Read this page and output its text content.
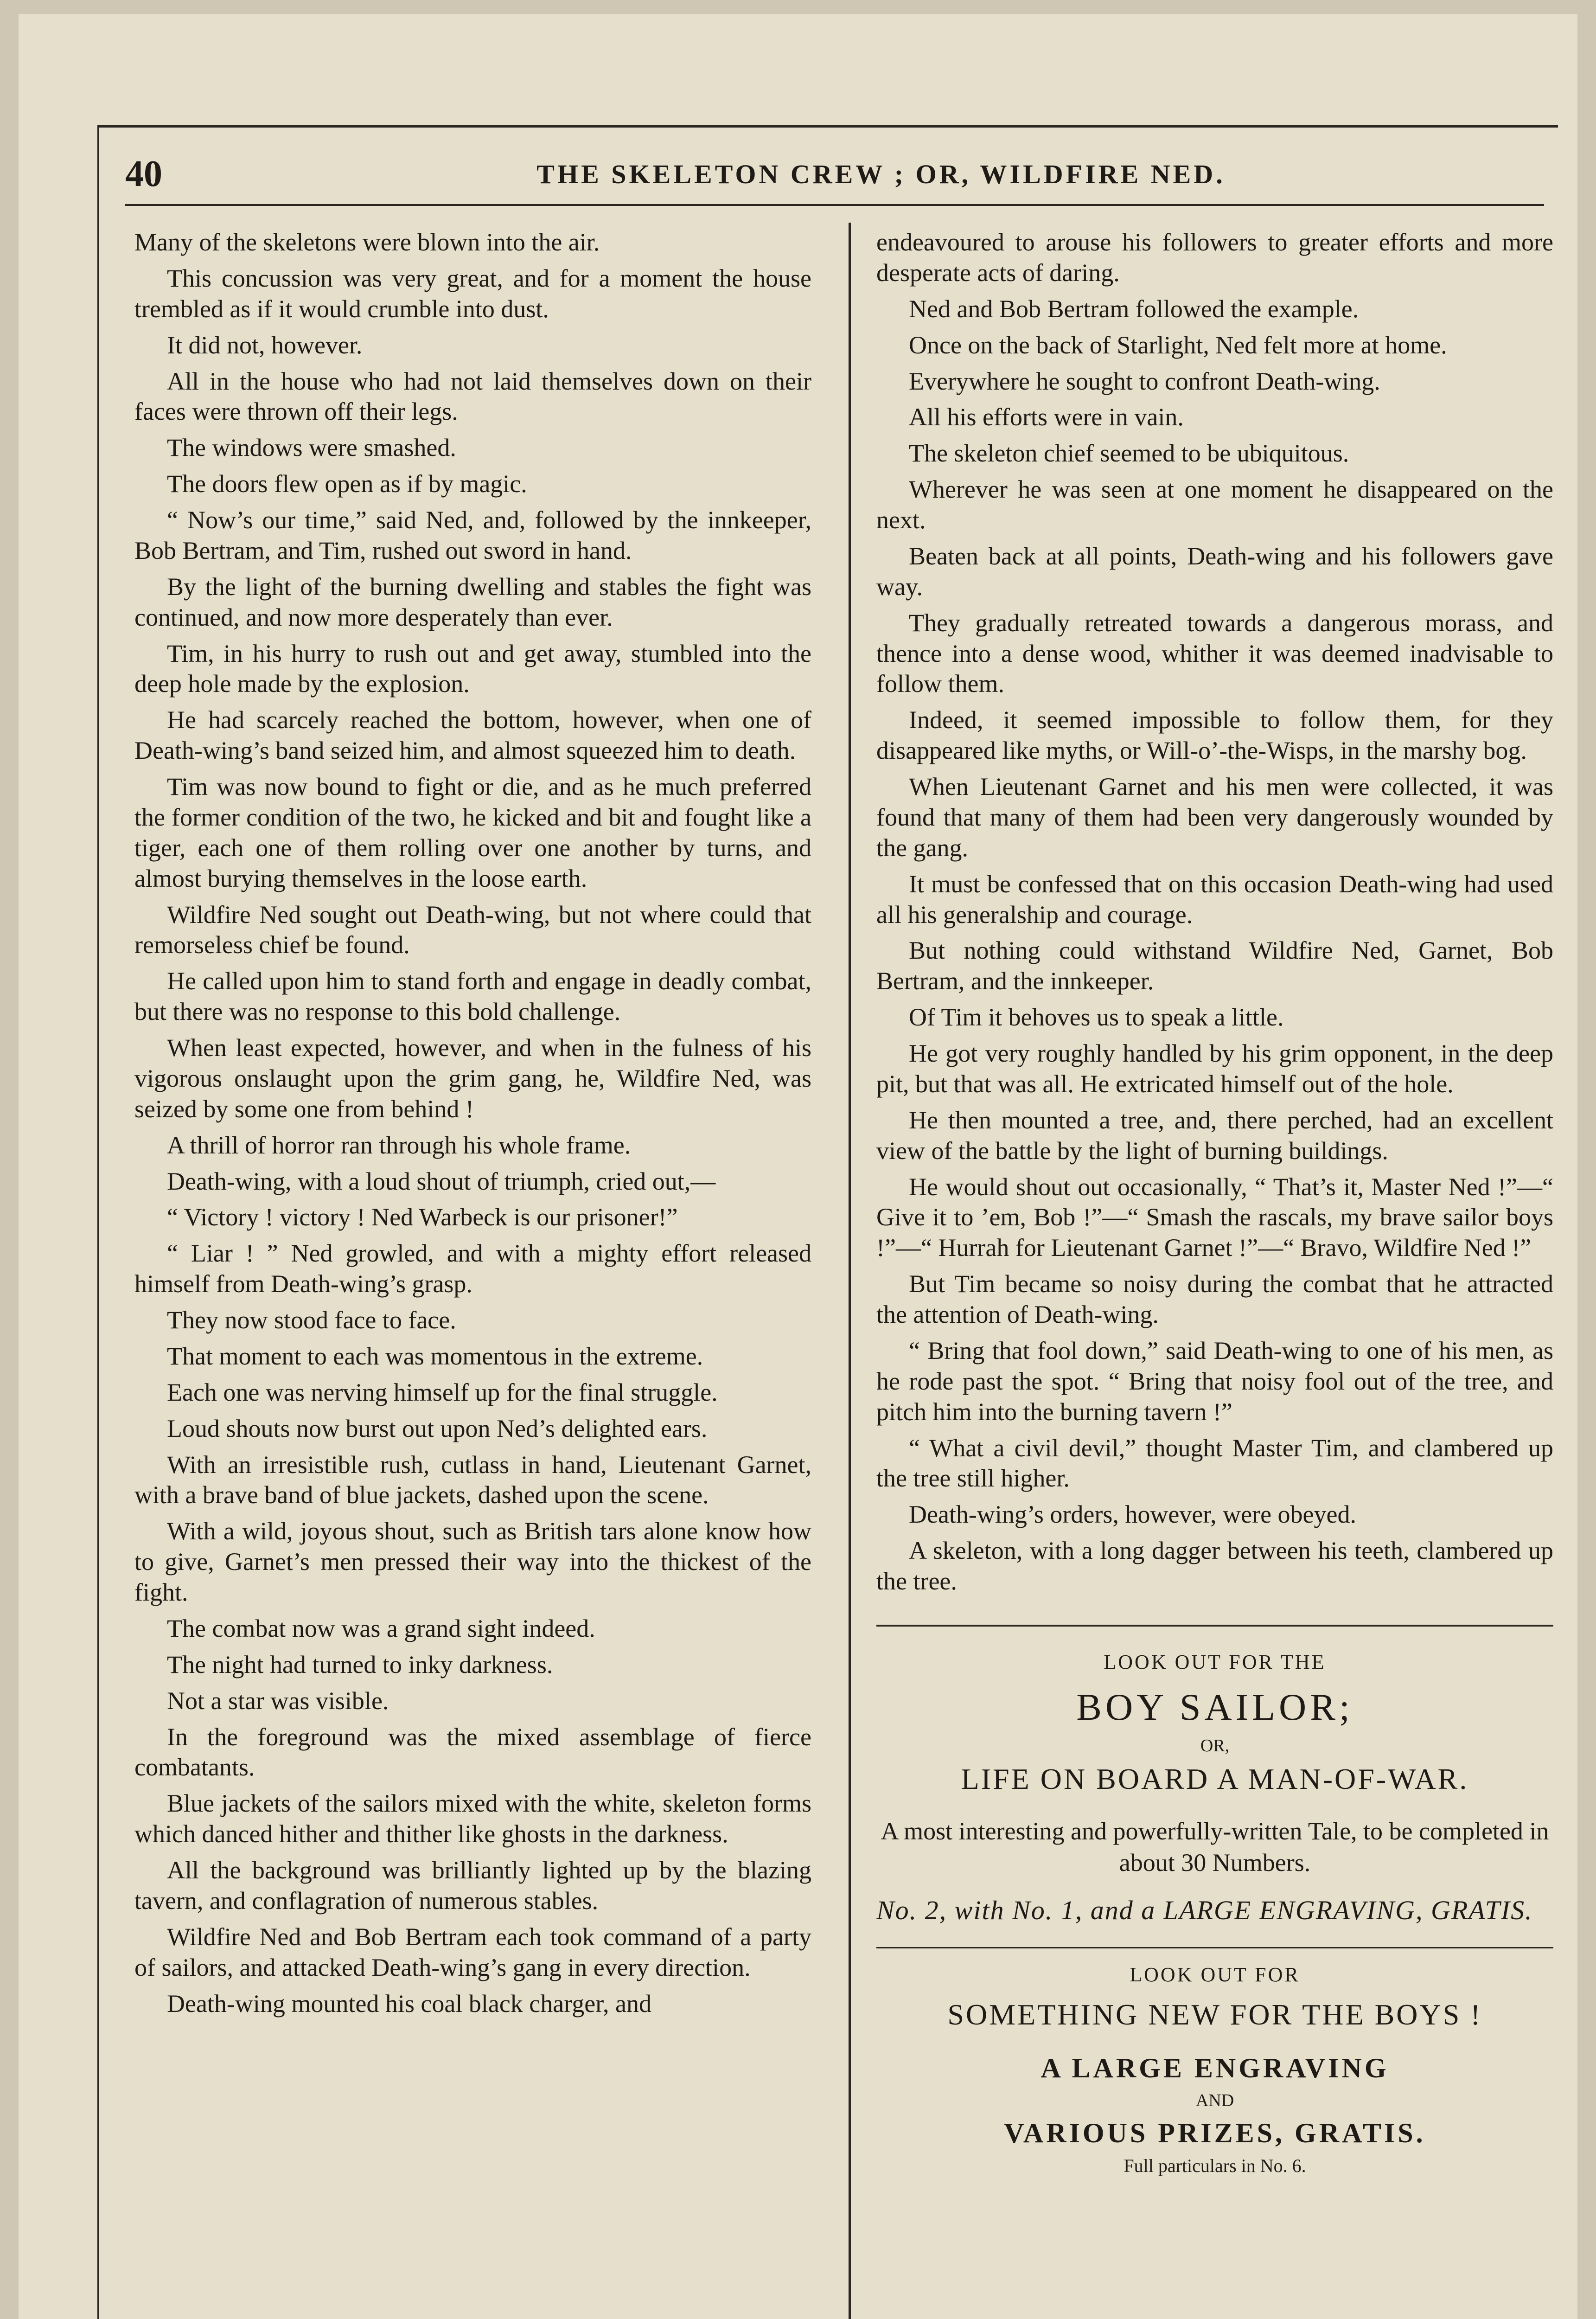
40	THE SKELETON CREW ; OR, WILDFIRE NED.

Many of the skeletons were blown into the air.

This concussion was very great, and for a moment the house trembled as if it would crumble into dust.

It did not, however.

All in the house who had not laid themselves down on their faces were thrown off their legs.

The windows were smashed.

The doors flew open as if by magic.

“ Now’s our time,” said Ned, and, followed by the innkeeper, Bob Bertram, and Tim, rushed out sword in hand.

By the light of the burning dwelling and stables the fight was continued, and now more desperately than ever.

Tim, in his hurry to rush out and get away, stumbled into the deep hole made by the explosion.

He had scarcely reached the bottom, however, when one of Death-wing’s band seized him, and almost squeezed him to death.

Tim was now bound to fight or die, and as he much preferred the former condition of the two, he kicked and bit and fought like a tiger, each one of them rolling over one another by turns, and almost burying themselves in the loose earth.

Wildfire Ned sought out Death-wing, but not where could that remorseless chief be found.

He called upon him to stand forth and engage in deadly combat, but there was no response to this bold challenge.

When least expected, however, and when in the fulness of his vigorous onslaught upon the grim gang, he, Wildfire Ned, was seized by some one from behind !

A thrill of horror ran through his whole frame.

Death-wing, with a loud shout of triumph, cried out,—

“ Victory ! victory ! Ned Warbeck is our prisoner!”

“ Liar ! ” Ned growled, and with a mighty effort released himself from Death-wing’s grasp.

They now stood face to face.

That moment to each was momentous in the extreme.

Each one was nerving himself up for the final struggle.

Loud shouts now burst out upon Ned’s delighted ears.

With an irresistible rush, cutlass in hand, Lieutenant Garnet, with a brave band of blue jackets, dashed upon the scene.

With a wild, joyous shout, such as British tars alone know how to give, Garnet’s men pressed their way into the thickest of the fight.

The combat now was a grand sight indeed.

The night had turned to inky darkness.

Not a star was visible.

In the foreground was the mixed assemblage of fierce combatants.

Blue jackets of the sailors mixed with the white, skeleton forms which danced hither and thither like ghosts in the darkness.

All the background was brilliantly lighted up by the blazing tavern, and conflagration of numerous stables.

Wildfire Ned and Bob Bertram each took command of a party of sailors, and attacked Death-wing’s gang in every direction.

Death-wing mounted his coal black charger, and

endeavoured to arouse his followers to greater efforts and more desperate acts of daring.

Ned and Bob Bertram followed the example.

Once on the back of Starlight, Ned felt more at home.

Everywhere he sought to confront Death-wing.

All his efforts were in vain.

The skeleton chief seemed to be ubiquitous.

Wherever he was seen at one moment he disappeared on the next.

Beaten back at all points, Death-wing and his followers gave way.

They gradually retreated towards a dangerous morass, and thence into a dense wood, whither it was deemed inadvisable to follow them.

Indeed, it seemed impossible to follow them, for they disappeared like myths, or Will-o’-the-Wisps, in the marshy bog.

When Lieutenant Garnet and his men were collected, it was found that many of them had been very dangerously wounded by the gang.

It must be confessed that on this occasion Death-wing had used all his generalship and courage.

But nothing could withstand Wildfire Ned, Garnet, Bob Bertram, and the innkeeper.

Of Tim it behoves us to speak a little.

He got very roughly handled by his grim opponent, in the deep pit, but that was all. He extricated himself out of the hole.

He then mounted a tree, and, there perched, had an excellent view of the battle by the light of burning buildings.

He would shout out occasionally, “ That’s it, Master Ned !”—“ Give it to ’em, Bob !”—“ Smash the rascals, my brave sailor boys !”—“ Hurrah for Lieutenant Garnet !”—“ Bravo, Wildfire Ned !”

But Tim became so noisy during the combat that he attracted the attention of Death-wing.

“ Bring that fool down,” said Death-wing to one of his men, as he rode past the spot. “ Bring that noisy fool out of the tree, and pitch him into the burning tavern !”

“ What a civil devil,” thought Master Tim, and clambered up the tree still higher.

Death-wing’s orders, however, were obeyed.

A skeleton, with a long dagger between his teeth, clambered up the tree.

LOOK OUT FOR THE
BOY SAILOR;
OR,
LIFE ON BOARD A MAN-OF-WAR.
A most interesting and powerfully-written Tale, to be completed in about 30 Numbers.
No. 2, with No. 1, and a LARGE ENGRAVING, GRATIS.
LOOK OUT FOR
SOMETHING NEW FOR THE BOYS !
A LARGE ENGRAVING
AND
VARIOUS PRIZES, GRATIS.
Full particulars in No. 6.
